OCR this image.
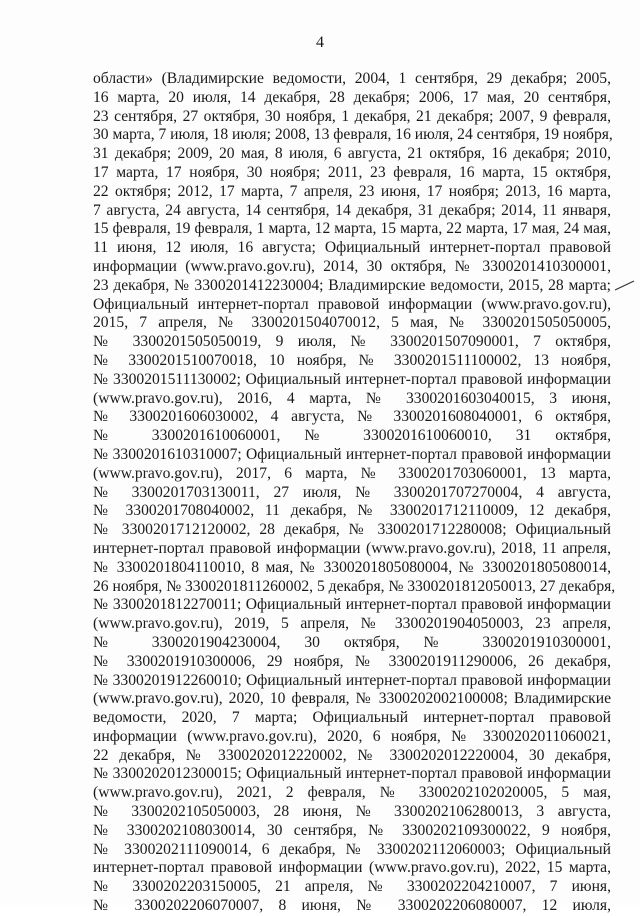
4
области» (Владимирские ведомости, 2004, 1 сентября, 29 декабря; 2005,
16 марта, 20 июля, 14 декабря, 28 декабря; 2006, 17 мая, 20 сентября,
23 сентября, 27 октября, 30 ноября, 1 декабря, 21 декабря; 2007, 9 февраля,
30 марта, 7 июля, 18 июля; 2008, 13 февраля, 16 июля, 24 сентября, 19 ноября,
31 декабря; 2009, 20 мая, 8 июля, 6 августа, 21 октября, 16 декабря; 2010,
17 марта, 17 ноября, 30 ноября; 2011, 23 февраля, 16 марта, 15 октября,
22 октября; 2012, 17 марта, 7 апреля, 23 июня, 17 ноября; 2013, 16 марта,
7 августа, 24 августа, 14 сентября, 14 декабря, 31 декабря; 2014, 11 января,
15 февраля, 19 февраля, 1 марта, 12 марта, 15 марта, 22 марта, 17 мая, 24 мая,
11 июня, 12 июля, 16 августа; Официальный интернет-портал правовой
информации (www.pravo.gov.ru), 2014, 30 октября, № 3300201410300001,
23 декабря, № 3300201412230004; Владимирские ведомости, 2015, 28 марта;
Официальный интернет-портал правовой информации (www.pravo.gov.ru),
2015, 7 апреля, № 3300201504070012, 5 мая, № 3300201505050005,
№ 3300201505050019, 9 июля, № 3300201507090001, 7 октября,
№ 3300201510070018, 10 ноября, № 3300201511100002, 13 ноября,
№ 3300201511130002; Официальный интернет-портал правовой информации
(www.pravo.gov.ru), 2016, 4 марта, № 3300201603040015, 3 июня,
№ 3300201606030002, 4 августа, № 3300201608040001, 6 октября,
№ 3300201610060001, № 3300201610060010, 31 октября,
№ 3300201610310007; Официальный интернет-портал правовой информации
(www.pravo.gov.ru), 2017, 6 марта, № 3300201703060001, 13 марта,
№ 3300201703130011, 27 июля, № 3300201707270004, 4 августа,
№ 3300201708040002, 11 декабря, № 3300201712110009, 12 декабря,
№ 3300201712120002, 28 декабря, № 3300201712280008; Официальный
интернет-портал правовой информации (www.pravo.gov.ru), 2018, 11 апреля,
№ 3300201804110010, 8 мая, № 3300201805080004, № 3300201805080014,
26 ноября, № 3300201811260002, 5 декабря, № 3300201812050013, 27 декабря,
№ 3300201812270011; Официальный интернет-портал правовой информации
(www.pravo.gov.ru), 2019, 5 апреля, № 3300201904050003, 23 апреля,
№ 3300201904230004, 30 октября, № 3300201910300001,
№ 3300201910300006, 29 ноября, № 3300201911290006, 26 декабря,
№ 3300201912260010; Официальный интернет-портал правовой информации
(www.pravo.gov.ru), 2020, 10 февраля, № 3300202002100008; Владимирские
ведомости, 2020, 7 марта; Официальный интернет-портал правовой
информации (www.pravo.gov.ru), 2020, 6 ноября, № 3300202011060021,
22 декабря, № 3300202012220002, № 3300202012220004, 30 декабря,
№ 3300202012300015; Официальный интернет-портал правовой информации
(www.pravo.gov.ru), 2021, 2 февраля, № 3300202102020005, 5 мая,
№ 3300202105050003, 28 июня, № 3300202106280013, 3 августа,
№ 3300202108030014, 30 сентября, № 3300202109300022, 9 ноября,
№ 3300202111090014, 6 декабря, № 3300202112060003; Официальный
интернет-портал правовой информации (www.pravo.gov.ru), 2022, 15 марта,
№ 3300202203150005, 21 апреля, № 3300202204210007, 7 июня,
№ 3300202206070007, 8 июня, № 3300202206080007, 12 июля,
